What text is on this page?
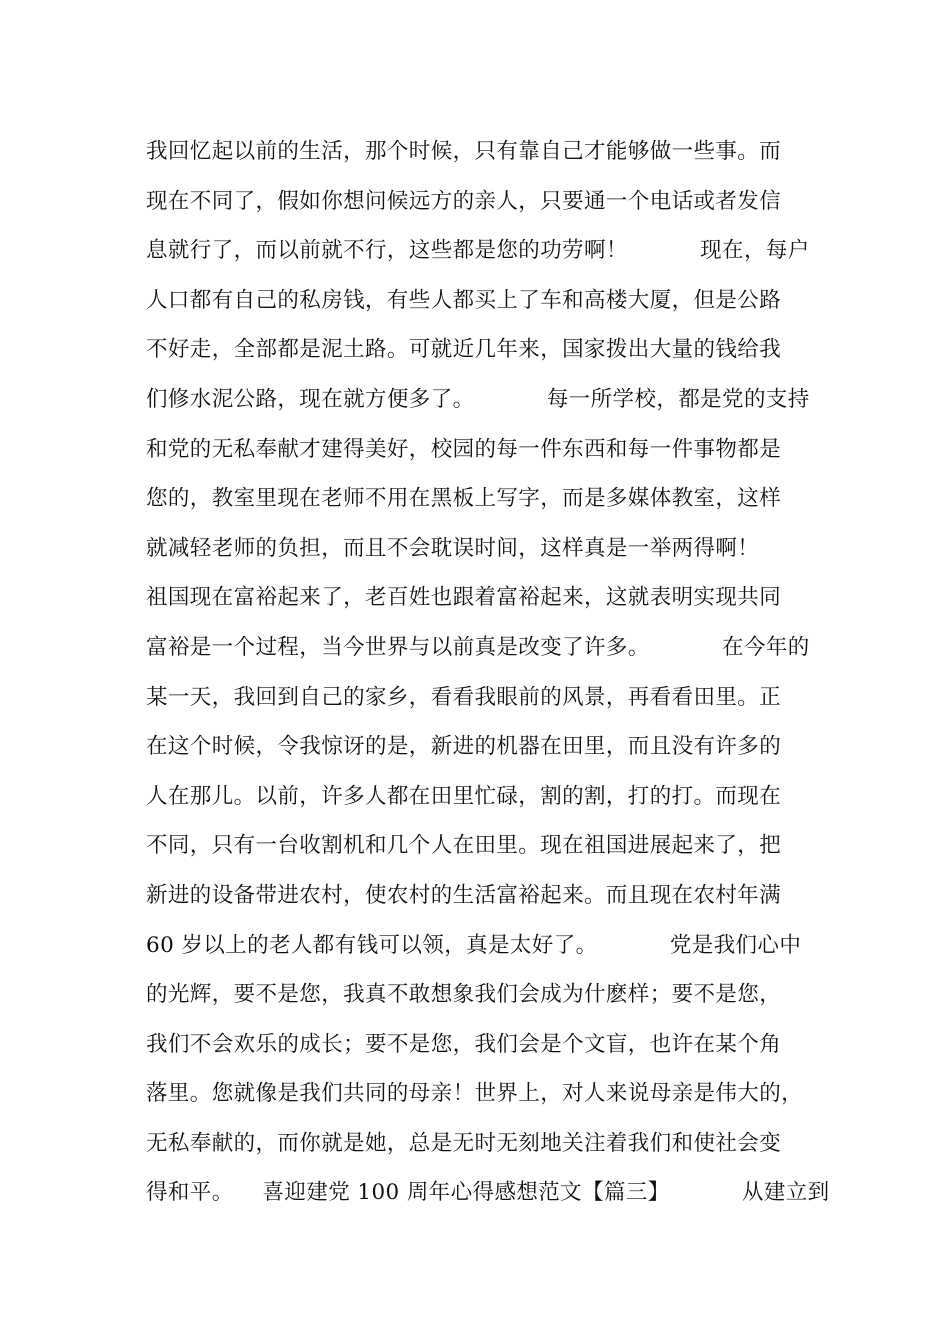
我回忆起以前的生活，那个时候，只有靠自己才能够做一些事。而
现在不同了，假如你想问候远方的亲人，只要通一个电话或者发信
息就行了，而以前就不行，这些都是您的功劳啊！          现在，每户
人口都有自己的私房钱，有些人都买上了车和高楼大厦，但是公路
不好走，全部都是泥土路。可就近几年来，国家拨出大量的钱给我
们修水泥公路，现在就方便多了。          每一所学校，都是党的支持
和党的无私奉献才建得美好，校园的每一件东西和每一件事物都是
您的，教室里现在老师不用在黑板上写字，而是多媒体教室，这样
就减轻老师的负担，而且不会耽误时间，这样真是一举两得啊！
祖国现在富裕起来了，老百姓也跟着富裕起来，这就表明实现共同
富裕是一个过程，当今世界与以前真是改变了许多。          在今年的
某一天，我回到自己的家乡，看看我眼前的风景，再看看田里。正
在这个时候，令我惊讶的是，新进的机器在田里，而且没有许多的
人在那儿。以前，许多人都在田里忙碌，割的割，打的打。而现在
不同，只有一台收割机和几个人在田里。现在祖国进展起来了，把
新进的设备带进农村，使农村的生活富裕起来。而且现在农村年满
60 岁以上的老人都有钱可以领，真是太好了。          党是我们心中
的光辉，要不是您，我真不敢想象我们会成为什麽样；要不是您，
我们不会欢乐的成长；要不是您，我们会是个文盲，也许在某个角
落里。您就像是我们共同的母亲！世界上，对人来说母亲是伟大的，
无私奉献的，而你就是她，总是无时无刻地关注着我们和使社会变
得和平。    喜迎建党 100 周年心得感想范文【篇三】          从建立到
